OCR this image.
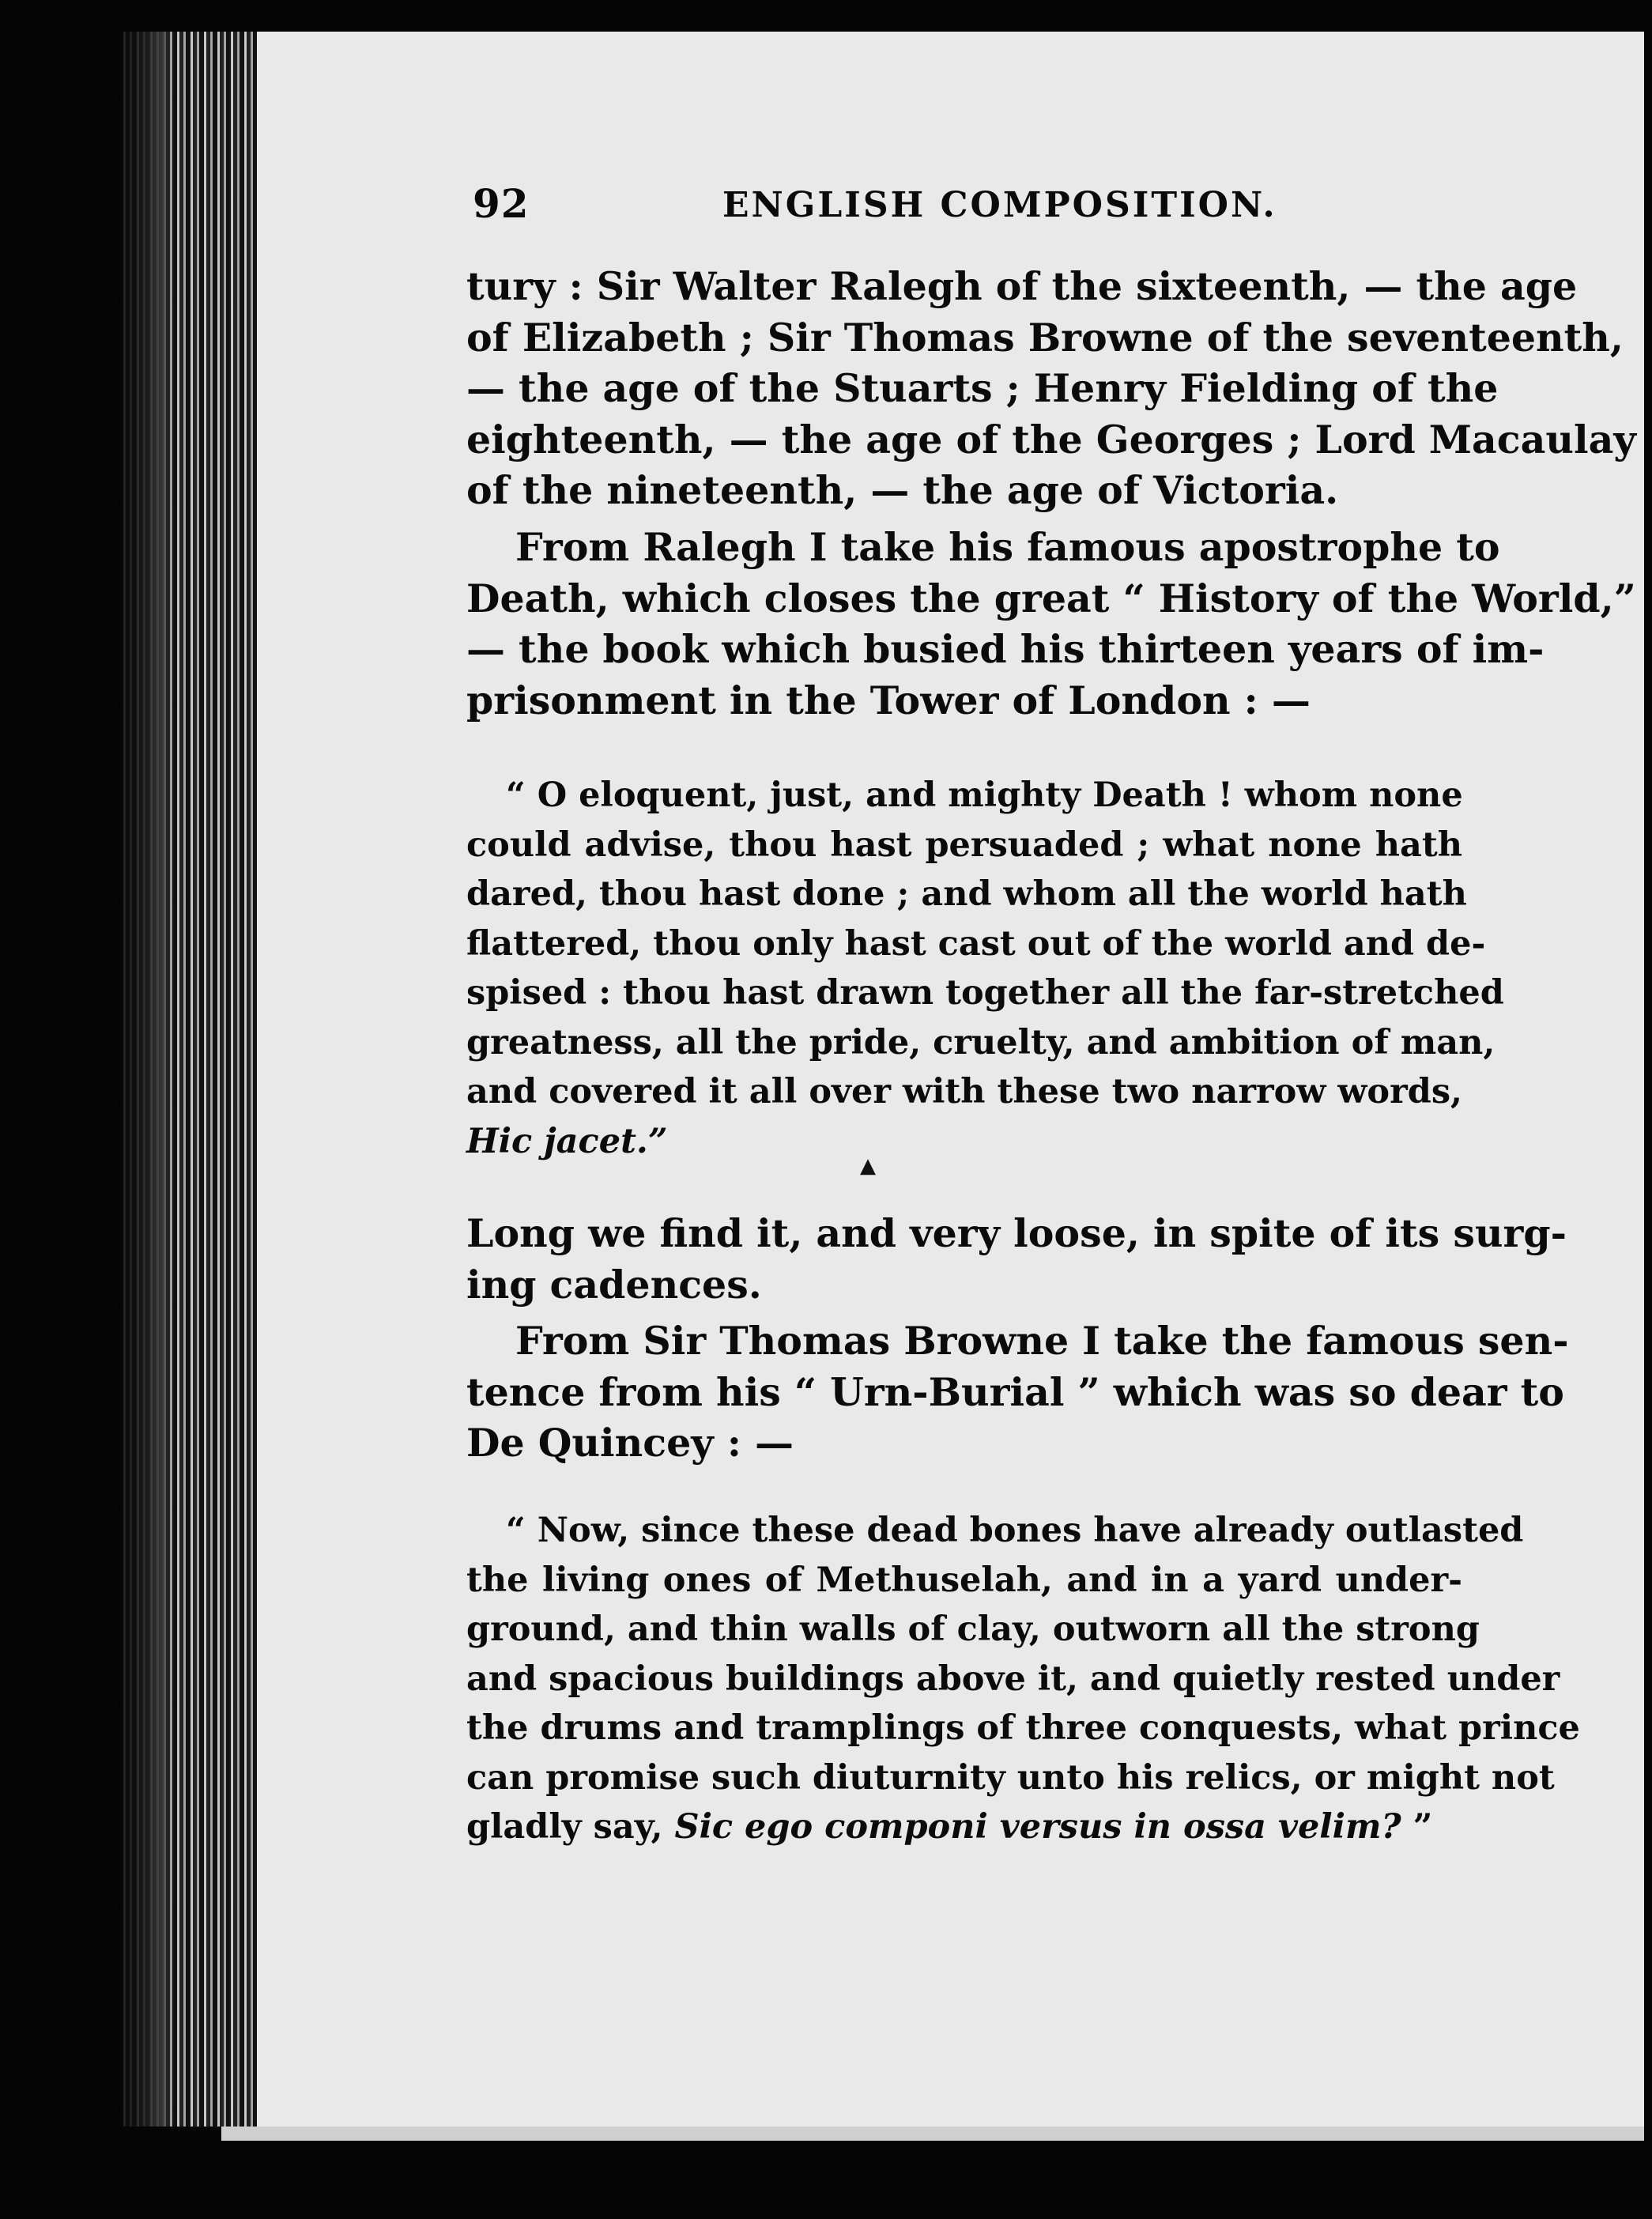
92	ENGLISH COMPOSITION.
tury : Sir Walter Ralegh of the sixteenth, — the age
of Elizabeth ; Sir Thomas Browne of the seventeenth,
— the age of the Stuarts ; Henry Fielding of the
eighteenth, — the age of the Georges ; Lord Macaulay
of the nineteenth, — the age of Victoria.
From Ralegh I take his famous apostrophe to
Death, which closes the great “ History of the World,”
— the book which busied his thirteen years of im-
prisonment in the Tower of London : —
“ O eloquent, just, and mighty Death ! whom none
could advise, thou hast persuaded ; what none hath
dared, thou hast done ; and whom all the world hath
flattered, thou only hast cast out of the world and de-
spised : thou hast drawn together all the far-stretched
greatness, all the pride, cruelty, and ambition of man,
and covered it all over with these two narrow words,
Hic jacet.”
▲
Long we find it, and very loose, in spite of its surg-
ing cadences.
From Sir Thomas Browne I take the famous sen-
tence from his “ Urn-Burial ” which was so dear to
De Quincey : —
“ Now, since these dead bones have already outlasted
the living ones of Methuselah, and in a yard under-
ground, and thin walls of clay, outworn all the strong
and spacious buildings above it, and quietly rested under
the drums and tramplings of three conquests, what prince
can promise such diuturnity unto his relics, or might not
gladly say, Sic ego componi versus in ossa velim? ”
